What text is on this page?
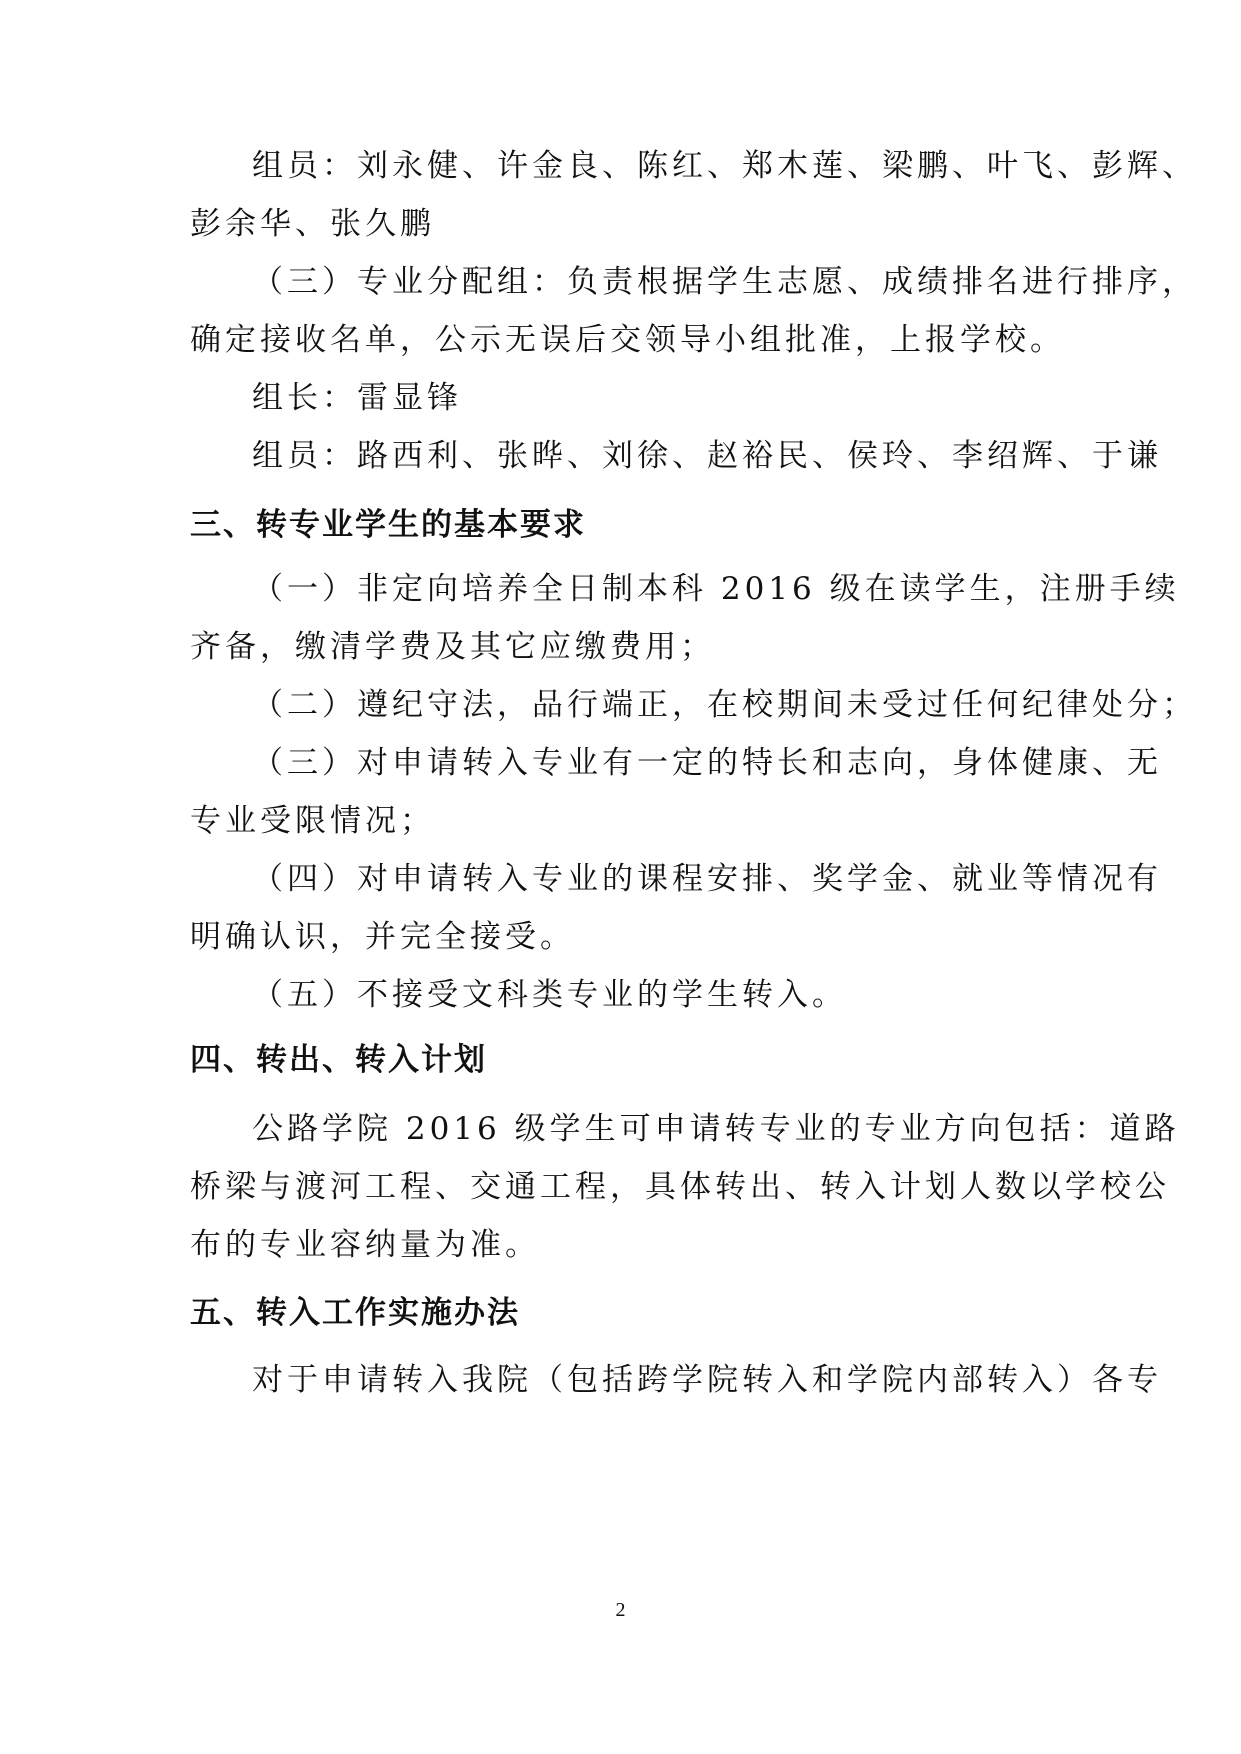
组员：刘永健、许金良、陈红、郑木莲、梁鹏、叶飞、彭辉、
彭余华、张久鹏
（三）专业分配组：负责根据学生志愿、成绩排名进行排序，
确定接收名单，公示无误后交领导小组批准，上报学校。
组长：雷显锋
组员：路西利、张晔、刘徐、赵裕民、侯玲、李绍辉、于谦
三、转专业学生的基本要求
（一）非定向培养全日制本科 2016 级在读学生，注册手续
齐备，缴清学费及其它应缴费用；
（二）遵纪守法，品行端正，在校期间未受过任何纪律处分；
（三）对申请转入专业有一定的特长和志向，身体健康、无
专业受限情况；
（四）对申请转入专业的课程安排、奖学金、就业等情况有
明确认识，并完全接受。
（五）不接受文科类专业的学生转入。
四、转出、转入计划
公路学院 2016 级学生可申请转专业的专业方向包括：道路
桥梁与渡河工程、交通工程，具体转出、转入计划人数以学校公
布的专业容纳量为准。
五、转入工作实施办法
对于申请转入我院（包括跨学院转入和学院内部转入）各专
2
